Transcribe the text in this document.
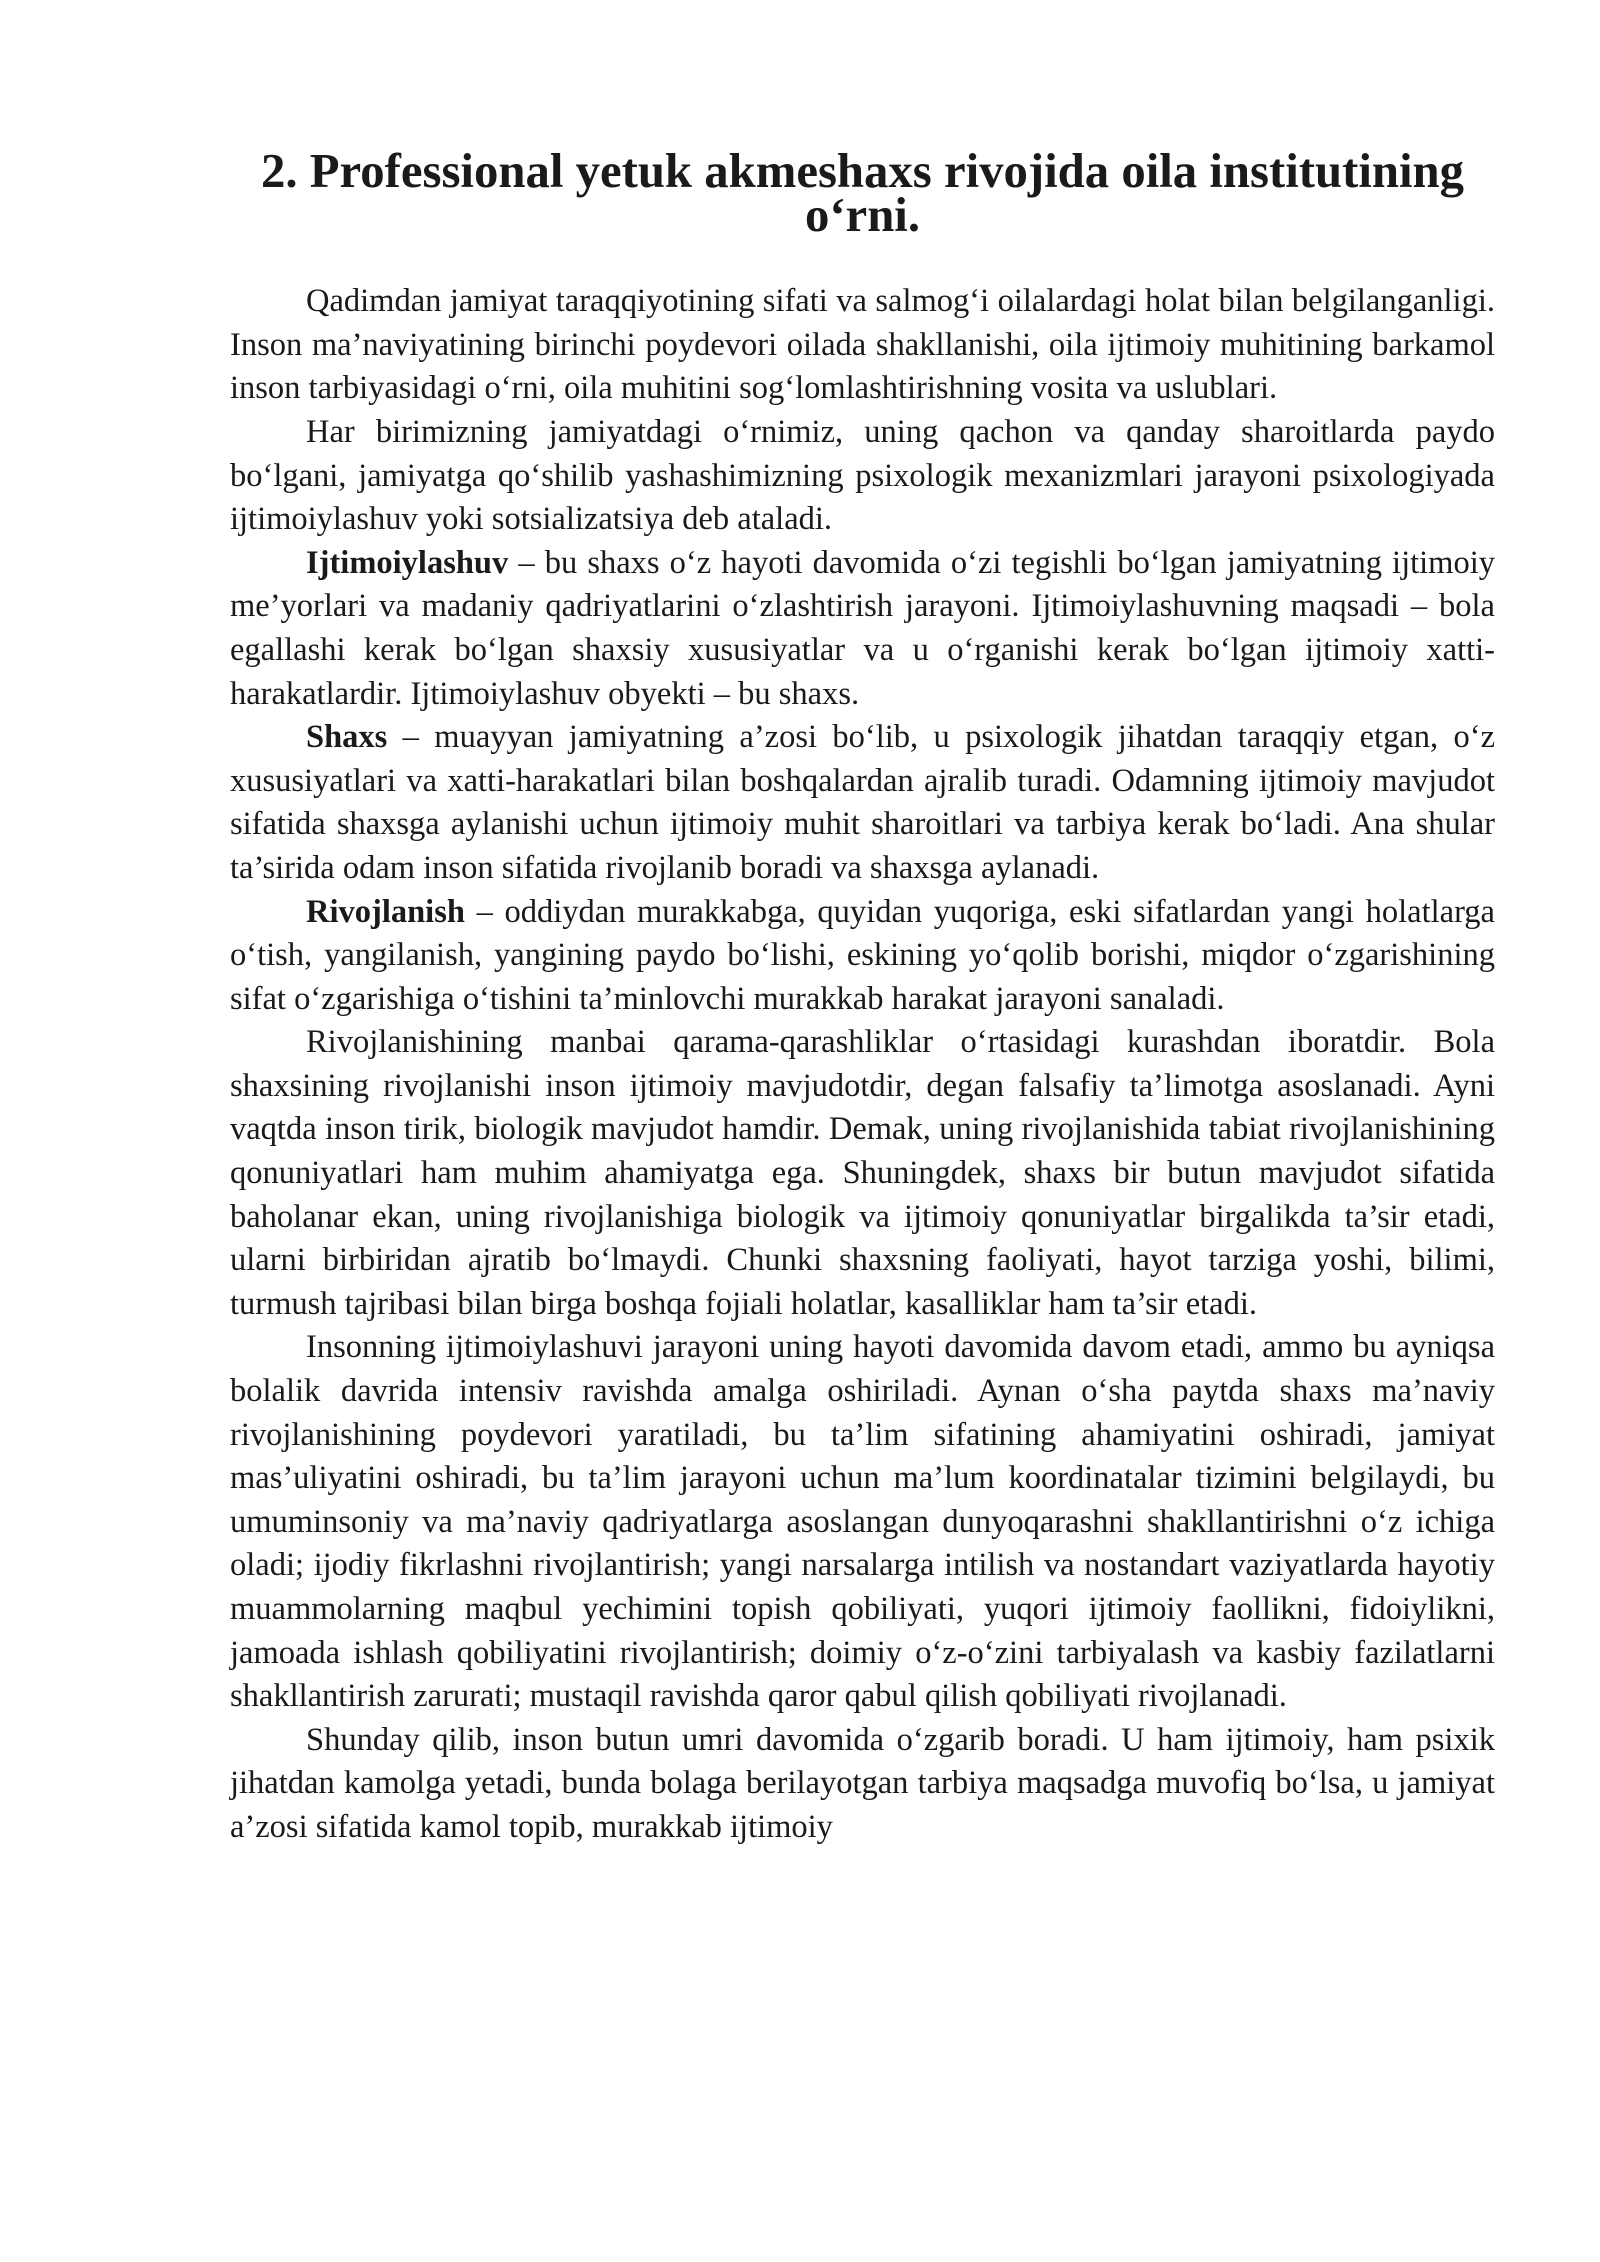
2. Professional yetuk akmeshaxs rivojida oila institutining o‘rni.

Qadimdan jamiyat taraqqiyotining sifati va salmog‘i oilalardagi holat bilan belgilanganligi. Inson ma’naviyatining birinchi poydevori oilada shakllanishi, oila ijtimoiy muhitining barkamol inson tarbiyasidagi o‘rni, oila muhitini sog‘lomlashtirishning vosita va uslublari.

Har birimizning jamiyatdagi o‘rnimiz, uning qachon va qanday sharoitlarda paydo bo‘lgani, jamiyatga qo‘shilib yashashimizning psixologik mexanizmlari jarayoni psixologiyada ijtimoiylashuv yoki sotsializatsiya deb ataladi.

Ijtimoiylashuv – bu shaxs o‘z hayoti davomida o‘zi tegishli bo‘lgan jamiyatning ijtimoiy me’yorlari va madaniy qadriyatlarini o‘zlashtirish jarayoni. Ijtimoiylashuvning maqsadi – bola egallashi kerak bo‘lgan shaxsiy xususiyatlar va u o‘rganishi kerak bo‘lgan ijtimoiy xatti-harakatlardir. Ijtimoiylashuv obyekti – bu shaxs.

Shaxs – muayyan jamiyatning a’zosi bo‘lib, u psixologik jihatdan taraqqiy etgan, o‘z xususiyatlari va xatti-harakatlari bilan boshqalardan ajralib turadi. Odamning ijtimoiy mavjudot sifatida shaxsga aylanishi uchun ijtimoiy muhit sharoitlari va tarbiya kerak bo‘ladi. Ana shular ta’sirida odam inson sifatida rivojlanib boradi va shaxsga aylanadi.

Rivojlanish – oddiydan murakkabga, quyidan yuqoriga, eski sifatlardan yangi holatlarga o‘tish, yangilanish, yangining paydo bo‘lishi, eskining yo‘qolib borishi, miqdor o‘zgarishining sifat o‘zgarishiga o‘tishini ta’minlovchi murakkab harakat jarayoni sanaladi.

Rivojlanishining manbai qarama-qarashliklar o‘rtasidagi kurashdan iboratdir. Bola shaxsining rivojlanishi inson ijtimoiy mavjudotdir, degan falsafiy ta’limotga asoslanadi. Ayni vaqtda inson tirik, biologik mavjudot hamdir. Demak, uning rivojlanishida tabiat rivojlanishining qonuniyatlari ham muhim ahamiyatga ega. Shuningdek, shaxs bir butun mavjudot sifatida baholanar ekan, uning rivojlanishiga biologik va ijtimoiy qonuniyatlar birgalikda ta’sir etadi, ularni birbiridan ajratib bo‘lmaydi. Chunki shaxsning faoliyati, hayot tarziga yoshi, bilimi, turmush tajribasi bilan birga boshqa fojiali holatlar, kasalliklar ham ta’sir etadi.

Insonning ijtimoiylashuvi jarayoni uning hayoti davomida davom etadi, ammo bu ayniqsa bolalik davrida intensiv ravishda amalga oshiriladi. Aynan o‘sha paytda shaxs ma’naviy rivojlanishining poydevori yaratiladi, bu ta’lim sifatining ahamiyatini oshiradi, jamiyat mas’uliyatini oshiradi, bu ta’lim jarayoni uchun ma’lum koordinatalar tizimini belgilaydi, bu umuminsoniy va ma’naviy qadriyatlarga asoslangan dunyoqarashni shakllantirishni o‘z ichiga oladi; ijodiy fikrlashni rivojlantirish; yangi narsalarga intilish va nostandart vaziyatlarda hayotiy muammolarning maqbul yechimini topish qobiliyati, yuqori ijtimoiy faollikni, fidoiylikni, jamoada ishlash qobiliyatini rivojlantirish; doimiy o‘z-o‘zini tarbiyalash va kasbiy fazilatlarni shakllantirish zarurati; mustaqil ravishda qaror qabul qilish qobiliyati rivojlanadi.

Shunday qilib, inson butun umri davomida o‘zgarib boradi. U ham ijtimoiy, ham psixik jihatdan kamolga yetadi, bunda bolaga berilayotgan tarbiya maqsadga muvofiq bo‘lsa, u jamiyat a’zosi sifatida kamol topib, murakkab ijtimoiy
